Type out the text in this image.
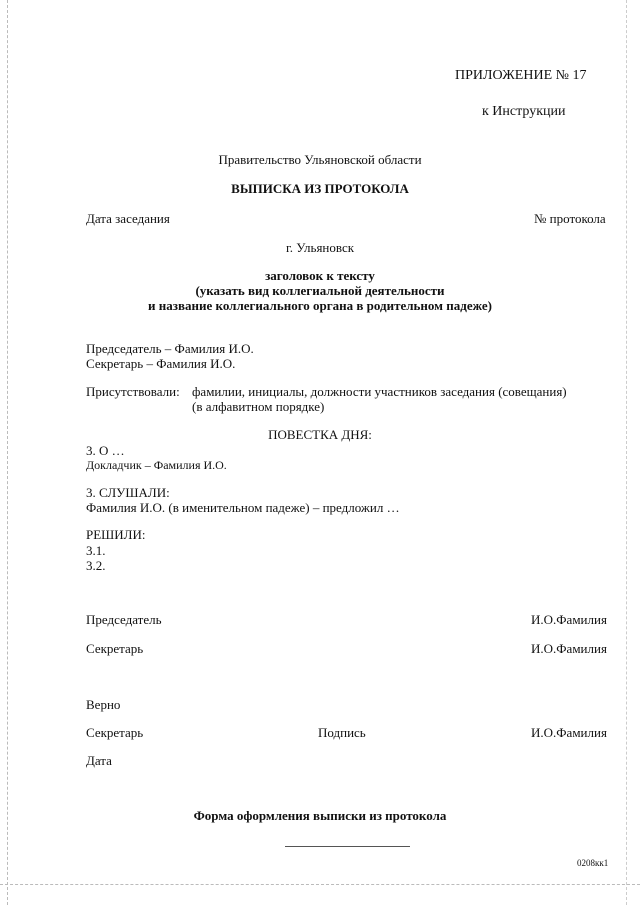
ПРИЛОЖЕНИЕ № 17
к Инструкции
Правительство Ульяновской области
ВЫПИСКА ИЗ ПРОТОКОЛА
Дата заседания	№ протокола
г. Ульяновск
заголовок к тексту
(указать вид коллегиальной деятельности
и название коллегиального органа в родительном падеже)
Председатель – Фамилия И.О.
Секретарь – Фамилия И.О.
Присутствовали: фамилии, инициалы, должности участников заседания (совещания)
(в алфавитном порядке)
ПОВЕСТКА ДНЯ:
3. О …
Докладчик – Фамилия И.О.
3. СЛУШАЛИ:
Фамилия И.О. (в именительном падеже) – предложил …
РЕШИЛИ:
3.1.
3.2.
Председатель	И.О.Фамилия
Секретарь	И.О.Фамилия
Верно
Секретарь	Подпись	И.О.Фамилия
Дата
Форма оформления выписки из протокола
0208кк1
